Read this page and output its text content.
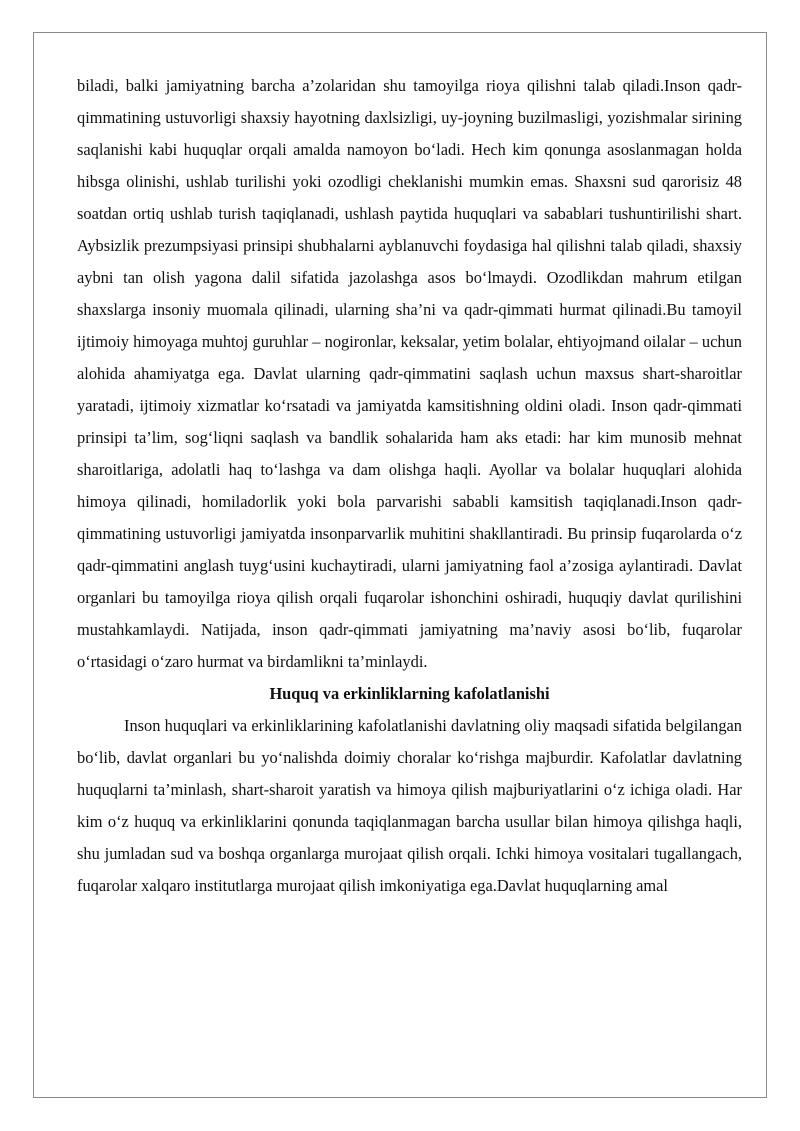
biladi, balki jamiyatning barcha a’zolaridan shu tamoyilga rioya qilishni talab qiladi.Inson qadr-qimmatining ustuvorligi shaxsiy hayotning daxlsizligi, uy-joyning buzilmasligi, yozishmalar sirining saqlanishi kabi huquqlar orqali amalda namoyon bo‘ladi. Hech kim qonunga asoslanmagan holda hibsga olinishi, ushlab turilishi yoki ozodligi cheklanishi mumkin emas. Shaxsni sud qarorisiz 48 soatdan ortiq ushlab turish taqiqlanadi, ushlash paytida huquqlari va sabablari tushuntirilishi shart. Aybsizlik prezumpsiyasi prinsipi shubhalarni ayblanuvchi foydasiga hal qilishni talab qiladi, shaxsiy aybni tan olish yagona dalil sifatida jazolashga asos bo‘lmaydi. Ozodlikdan mahrum etilgan shaxslarga insoniy muomala qilinadi, ularning sha’ni va qadr-qimmati hurmat qilinadi.Bu tamoyil ijtimoiy himoyaga muhtoj guruhlar – nogironlar, keksalar, yetim bolalar, ehtiyojmand oilalar – uchun alohida ahamiyatga ega. Davlat ularning qadr-qimmatini saqlash uchun maxsus shart-sharoitlar yaratadi, ijtimoiy xizmatlar ko‘rsatadi va jamiyatda kamsitishning oldini oladi. Inson qadr-qimmati prinsipi ta’lim, sog‘liqni saqlash va bandlik sohalarida ham aks etadi: har kim munosib mehnat sharoitlariga, adolatli haq to‘lashga va dam olishga haqli. Ayollar va bolalar huquqlari alohida himoya qilinadi, homiladorlik yoki bola parvarishi sababli kamsitish taqiqlanadi.Inson qadr-qimmatining ustuvorligi jamiyatda insonparvarlik muhitini shakllantiradi. Bu prinsip fuqarolarda o‘z qadr-qimmatini anglash tuyg‘usini kuchaytiradi, ularni jamiyatning faol a’zosiga aylantiradi. Davlat organlari bu tamoyilga rioya qilish orqali fuqarolar ishonchini oshiradi, huquqiy davlat qurilishini mustahkamlaydi. Natijada, inson qadr-qimmati jamiyatning ma’naviy asosi bo‘lib, fuqarolar o‘rtasidagi o‘zaro hurmat va birdamlikni ta’minlaydi.

Huquq va erkinliklarning kafolatlanishi

Inson huquqlari va erkinliklarining kafolatlanishi davlatning oliy maqsadi sifatida belgilangan bo‘lib, davlat organlari bu yo‘nalishda doimiy choralar ko‘rishga majburdir. Kafolatlar davlatning huquqlarni ta’minlash, shart-sharoit yaratish va himoya qilish majburiyatlarini o‘z ichiga oladi. Har kim o‘z huquq va erkinliklarini qonunda taqiqlanmagan barcha usullar bilan himoya qilishga haqli, shu jumladan sud va boshqa organlarga murojaat qilish orqali. Ichki himoya vositalari tugallangach, fuqarolar xalqaro institutlarga murojaat qilish imkoniyatiga ega.Davlat huquqlarning amal
